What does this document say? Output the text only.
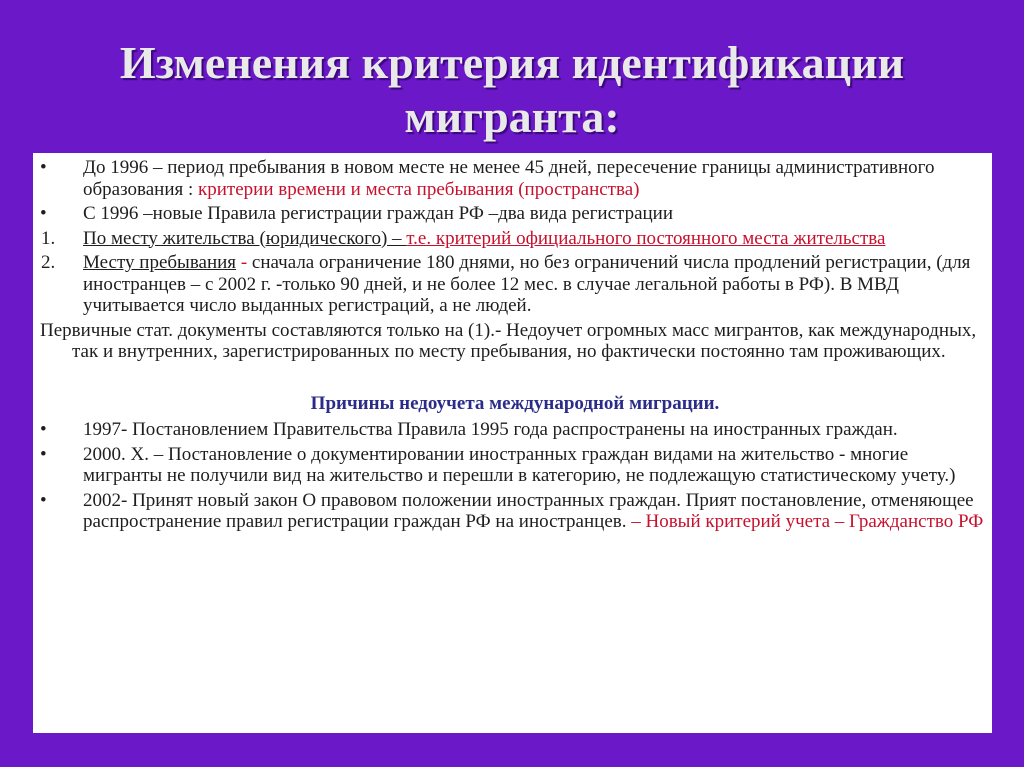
Изменения критерия идентификации
мигранта:
• До 1996 – период пребывания в новом месте не менее 45 дней, пересечение границы административного образования : критерии времени и места пребывания (пространства)
• С 1996 –новые Правила регистрации граждан РФ –два вида регистрации
1. По месту жительства (юридического) – т.е. критерий официального постоянного места жительства
2. Месту пребывания - сначала ограничение 180 днями, но без ограничений числа продлений регистрации, (для иностранцев – с 2002 г. -только 90 дней, и не более 12 мес. в случае легальной работы в РФ). В МВД учитывается число выданных регистраций, а не людей.
Первичные стат. документы составляются только на (1).- Недоучет огромных масс мигрантов, как международных, так и внутренних, зарегистрированных по месту пребывания, но фактически постоянно там проживающих.
Причины недоучета международной миграции.
• 1997- Постановлением Правительства Правила 1995 года распространены на иностранных граждан.
• 2000. Х. – Постановление о документировании иностранных граждан видами на жительство - многие мигранты не получили вид на жительство и перешли в категорию, не подлежащую статистическому учету.)
• 2002- Принят новый закон О правовом положении иностранных граждан. Прият постановление, отменяющее распространение правил регистрации граждан РФ на иностранцев. – Новый критерий учета – Гражданство РФ
